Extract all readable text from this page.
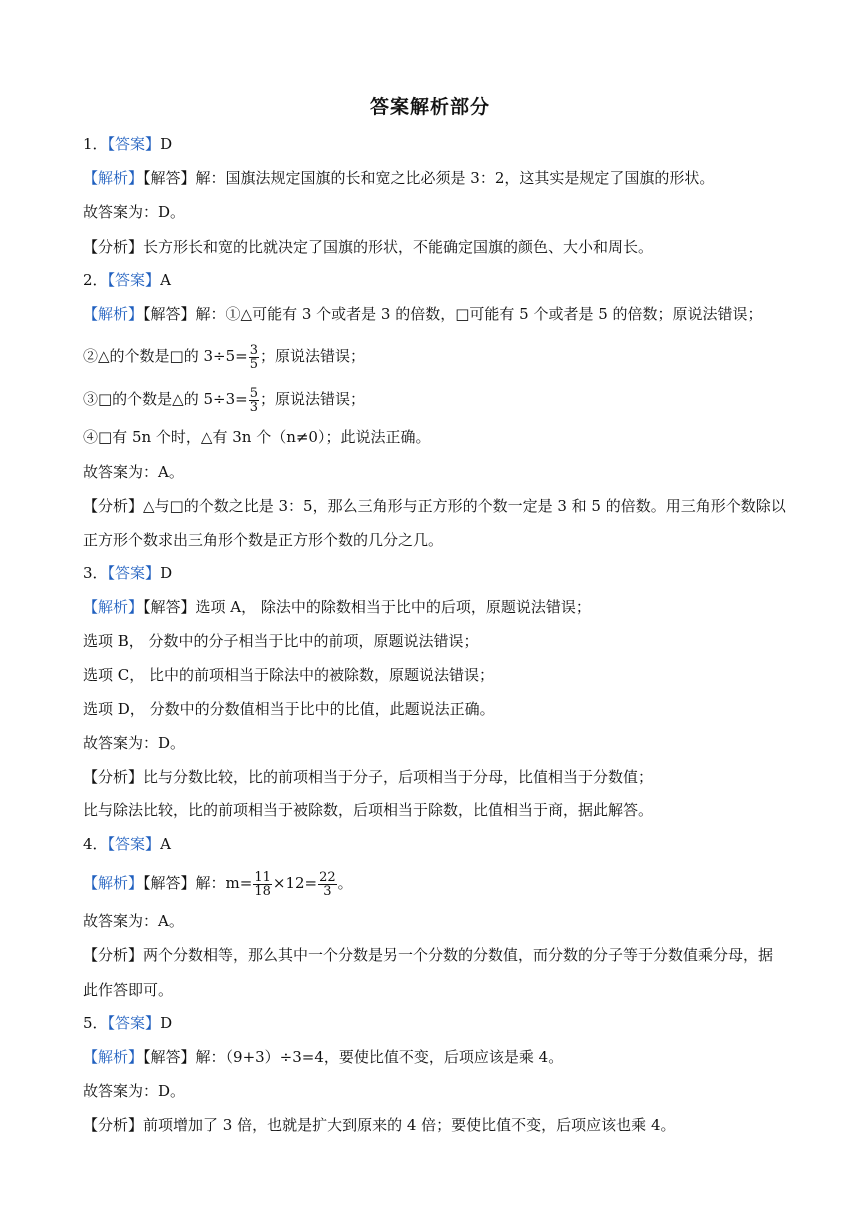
答案解析部分
1．【答案】D
【解析】【解答】解：国旗法规定国旗的长和宽之比必须是 3：2，这其实是规定了国旗的形状。
故答案为：D。
【分析】长方形长和宽的比就决定了国旗的形状，不能确定国旗的颜色、大小和周长。
2．【答案】A
【解析】【解答】解：①△可能有 3 个或者是 3 的倍数，□可能有 5 个或者是 5 的倍数；原说法错误；
②△的个数是□的 $3\div 5= \frac{3}{5}$ ；原说法错误；
③□的个数是△的 $5\div 3= \frac{5}{3}$ ；原说法错误；
④□有 5n 个时，△有 3n 个（n≠0）；此说法正确。
故答案为：A。
【分析】△与□的个数之比是 3：5，那么三角形与正方形的个数一定是 3 和 5 的倍数。用三角形个数除以
正方形个数求出三角形个数是正方形个数的几分之几。
3．【答案】D
【解析】【解答】选项 A， 除法中的除数相当于比中的后项，原题说法错误；
选项 B， 分数中的分子相当于比中的前项，原题说法错误；
选项 C， 比中的前项相当于除法中的被除数，原题说法错误；
选项 D， 分数中的分数值相当于比中的比值，此题说法正确。
故答案为：D。
【分析】比与分数比较，比的前项相当于分子，后项相当于分母，比值相当于分数值；
比与除法比较，比的前项相当于被除数，后项相当于除数，比值相当于商，据此解答。
4．【答案】A
【解析】【解答】解：$m= \frac{11}{18} \times 12= \frac{22}{3}$ 。
故答案为：A。
【分析】两个分数相等，那么其中一个分数是另一个分数的分数值，而分数的分子等于分数值乘分母，据
此作答即可。
5．【答案】D
【解析】【解答】解：（9+3）÷3=4，要使比值不变，后项应该是乘 4。
故答案为：D。
【分析】前项增加了 3 倍，也就是扩大到原来的 4 倍；要使比值不变，后项应该也乘 4。
